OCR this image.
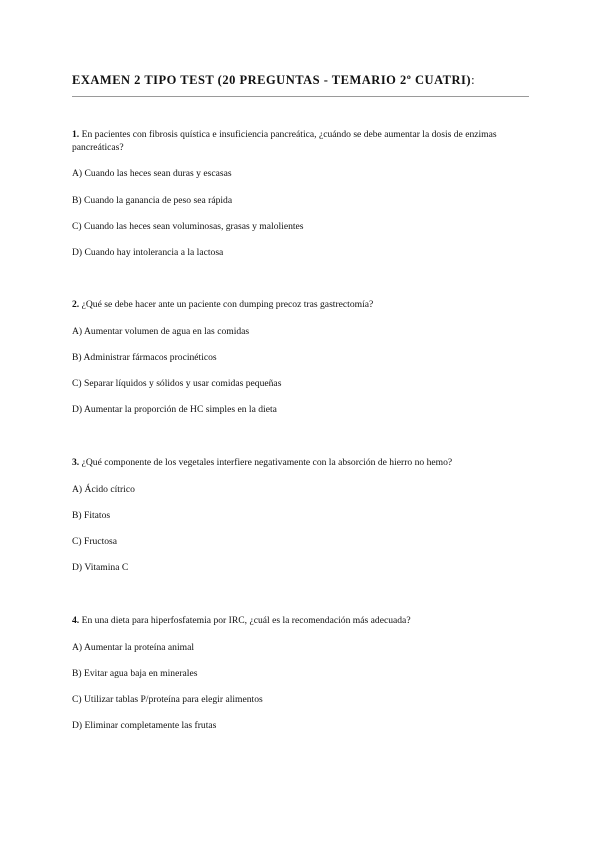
EXAMEN 2 TIPO TEST (20 PREGUNTAS - TEMARIO 2º CUATRI):

1. En pacientes con fibrosis quística e insuficiencia pancreática, ¿cuándo se debe aumentar la dosis de enzimas pancreáticas?

A) Cuando las heces sean duras y escasas

B) Cuando la ganancia de peso sea rápida

C) Cuando las heces sean voluminosas, grasas y malolientes

D) Cuando hay intolerancia a la lactosa

2. ¿Qué se debe hacer ante un paciente con dumping precoz tras gastrectomía?

A) Aumentar volumen de agua en las comidas

B) Administrar fármacos procinéticos

C) Separar líquidos y sólidos y usar comidas pequeñas

D) Aumentar la proporción de HC simples en la dieta

3. ¿Qué componente de los vegetales interfiere negativamente con la absorción de hierro no hemo?

A) Ácido cítrico

B) Fitatos

C) Fructosa

D) Vitamina C

4. En una dieta para hiperfosfatemia por IRC, ¿cuál es la recomendación más adecuada?

A) Aumentar la proteína animal

B) Evitar agua baja en minerales

C) Utilizar tablas P/proteína para elegir alimentos

D) Eliminar completamente las frutas
